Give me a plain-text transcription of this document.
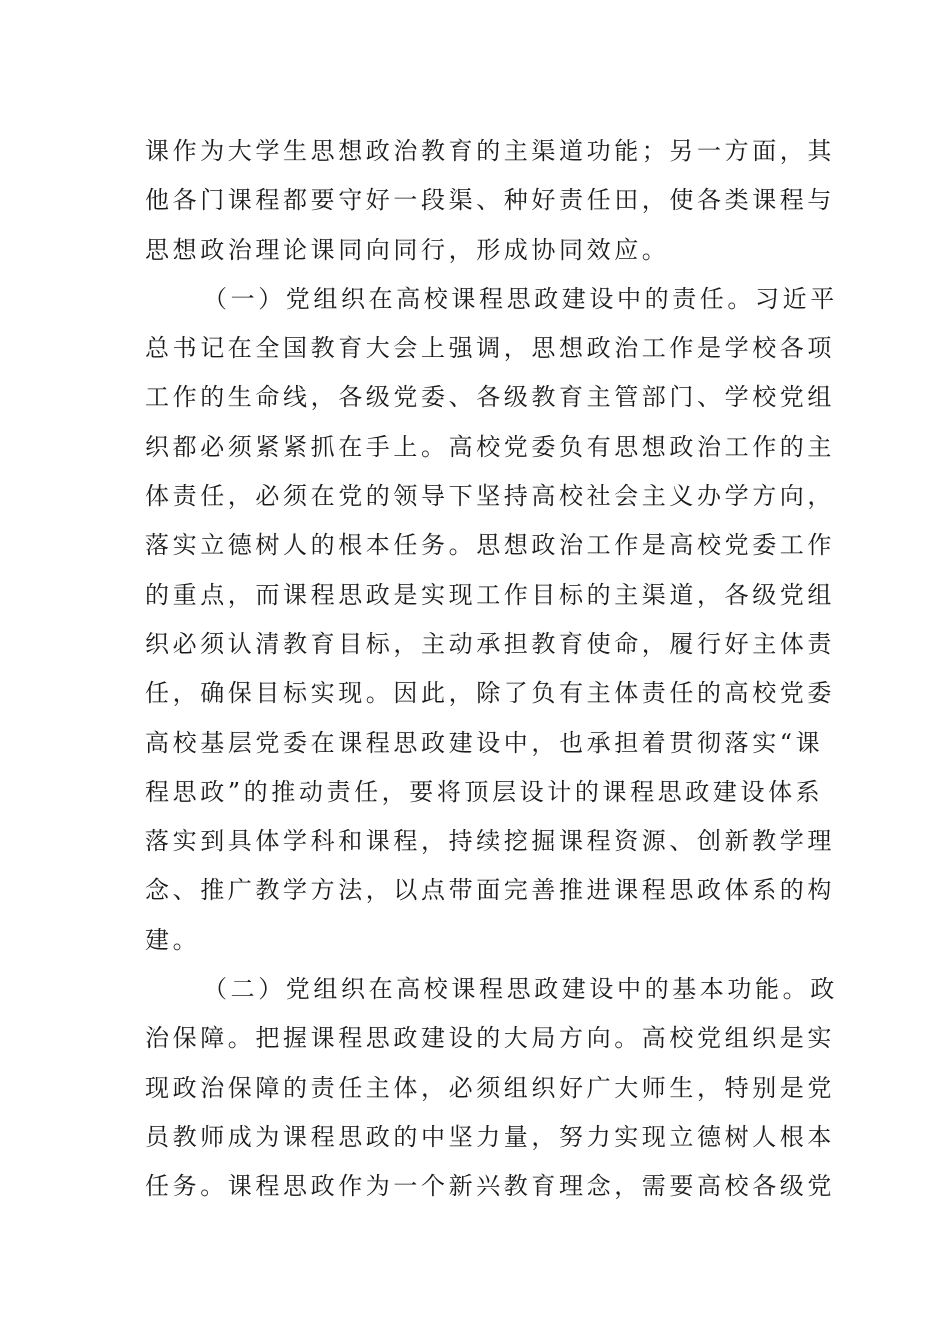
课作为大学生思想政治教育的主渠道功能；另一方面，其
他各门课程都要守好一段渠、种好责任田，使各类课程与
思想政治理论课同向同行，形成协同效应。
（一）党组织在高校课程思政建设中的责任。习近平
总书记在全国教育大会上强调，思想政治工作是学校各项
工作的生命线，各级党委、各级教育主管部门、学校党组
织都必须紧紧抓在手上。高校党委负有思想政治工作的主
体责任，必须在党的领导下坚持高校社会主义办学方向，
落实立德树人的根本任务。思想政治工作是高校党委工作
的重点，而课程思政是实现工作目标的主渠道，各级党组
织必须认清教育目标，主动承担教育使命，履行好主体责
任，确保目标实现。因此，除了负有主体责任的高校党委
高校基层党委在课程思政建设中，也承担着贯彻落实“课
程思政”的推动责任，要将顶层设计的课程思政建设体系
落实到具体学科和课程，持续挖掘课程资源、创新教学理
念、推广教学方法，以点带面完善推进课程思政体系的构
建。
（二）党组织在高校课程思政建设中的基本功能。政
治保障。把握课程思政建设的大局方向。高校党组织是实
现政治保障的责任主体，必须组织好广大师生，特别是党
员教师成为课程思政的中坚力量，努力实现立德树人根本
任务。课程思政作为一个新兴教育理念，需要高校各级党
